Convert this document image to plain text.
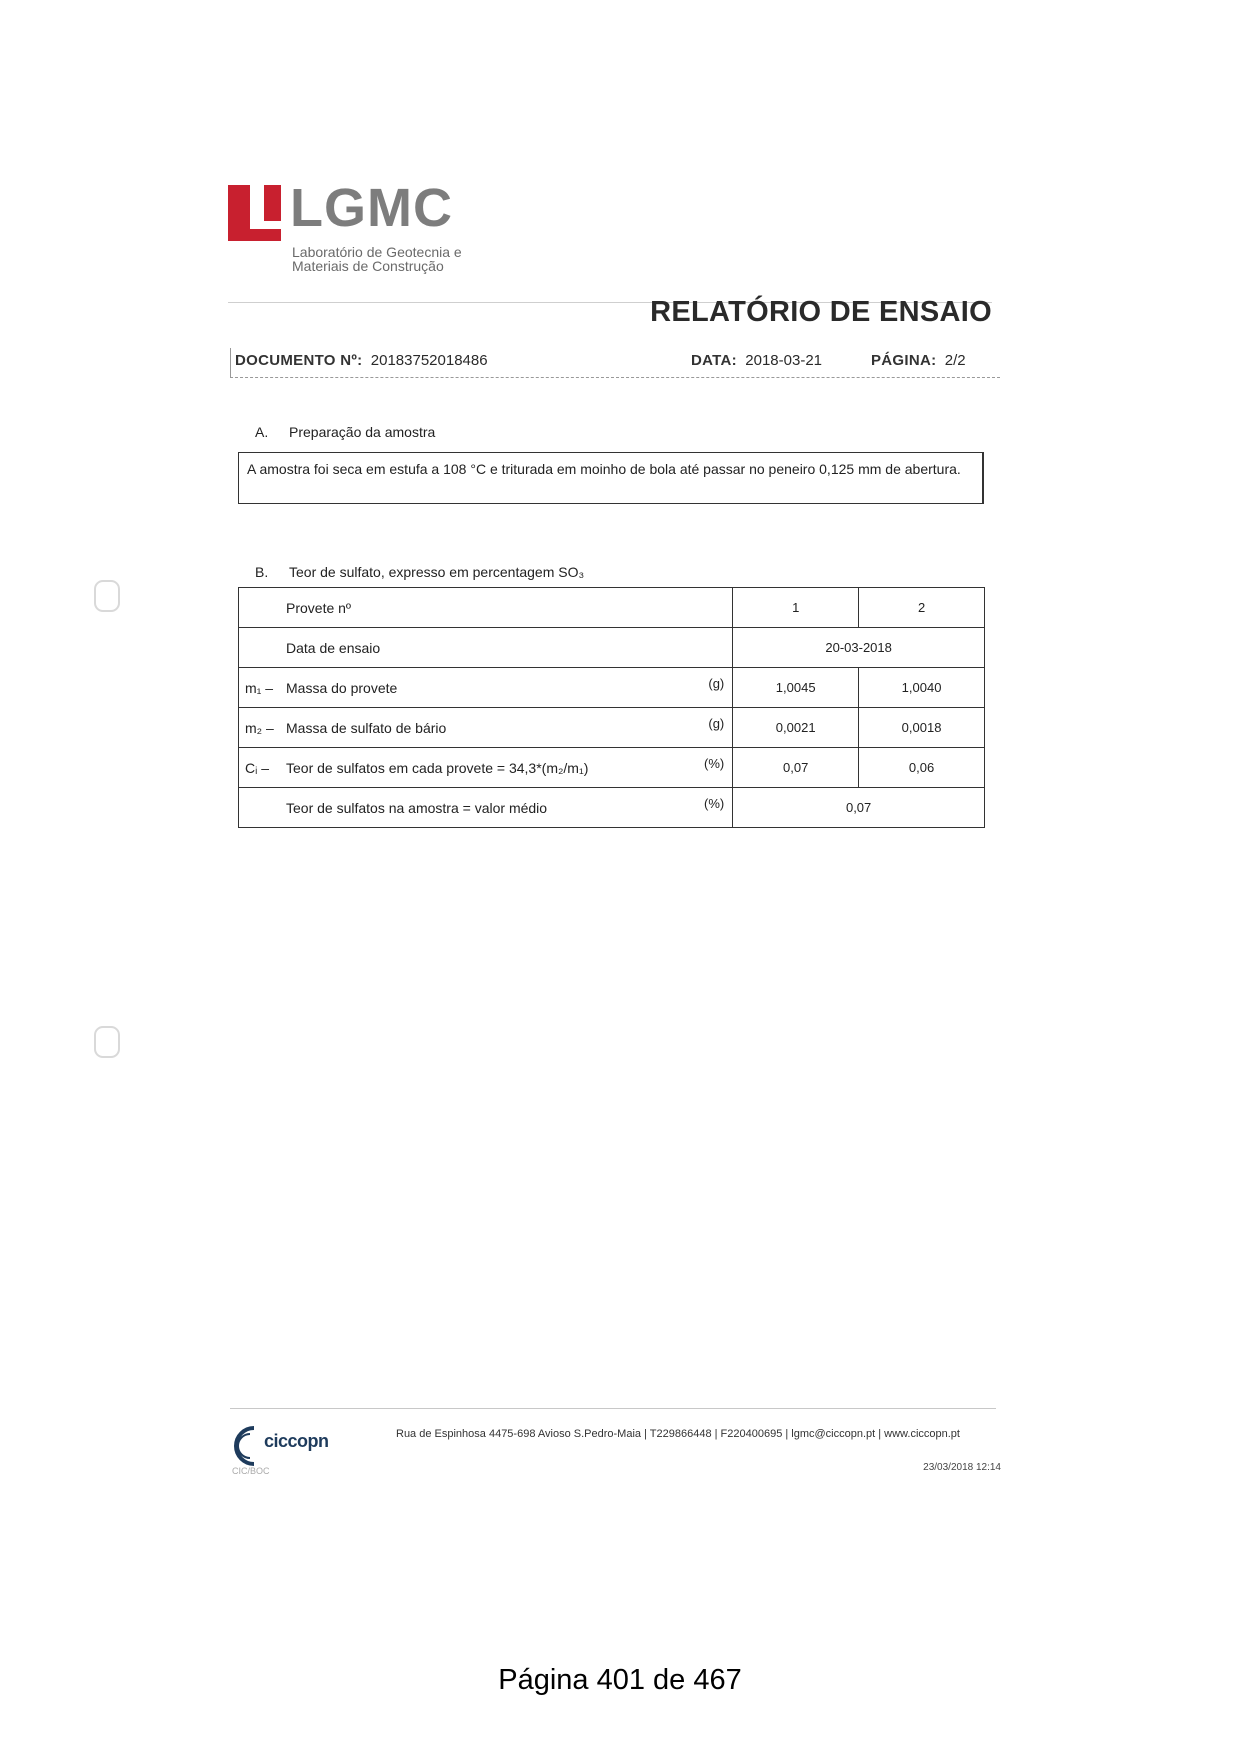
LGMC
Laboratório de Geotecnia e
Materiais de Construção
RELATÓRIO DE ENSAIO
DOCUMENTO Nº: 20183752018486	DATA: 2018-03-21	PÁGINA: 2/2
A. Preparação da amostra
A amostra foi seca em estufa a 108 °C e triturada em moinho de bola até passar no peneiro 0,125 mm de abertura.
B. Teor de sulfato, expresso em percentagem SO₃
Provete nº	1	2

Data de ensaio	20-03-2018	

m₁ – Massa do provete (g)	1,0045	1,0040

m₂ – Massa de sulfato de bário (g)	0,0021	0,0018

Cᵢ – Teor de sulfatos em cada provete = 34,3*(m₂/m₁) (%)	0,07	0,06

Teor de sulfatos na amostra = valor médio (%)	0,07	
ciccopn
CIC/BOC
Rua de Espinhosa 4475-698 Avioso S.Pedro-Maia | T229866448 | F220400695 | lgmc@ciccopn.pt | www.ciccopn.pt
23/03/2018 12:14
Página 401 de 467
